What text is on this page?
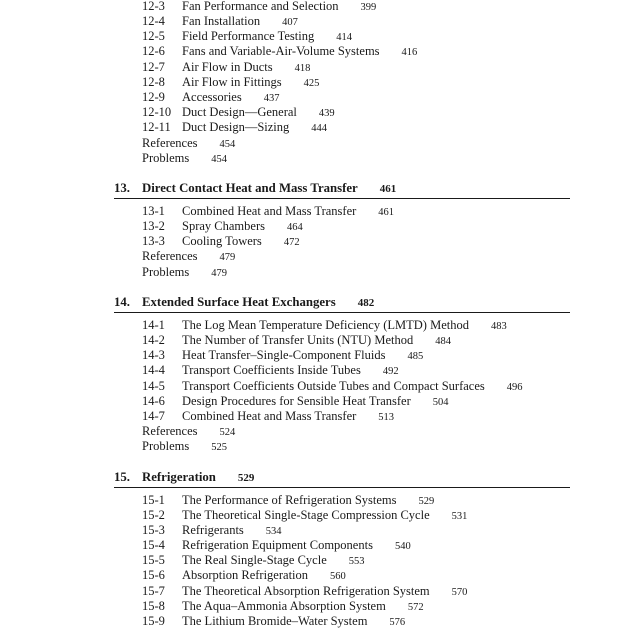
12-3 Fan Performance and Selection 399
12-4 Fan Installation 407
12-5 Field Performance Testing 414
12-6 Fans and Variable-Air-Volume Systems 416
12-7 Air Flow in Ducts 418
12-8 Air Flow in Fittings 425
12-9 Accessories 437
12-10 Duct Design—General 439
12-11 Duct Design—Sizing 444
References 454
Problems 454
13. Direct Contact Heat and Mass Transfer 461
13-1 Combined Heat and Mass Transfer 461
13-2 Spray Chambers 464
13-3 Cooling Towers 472
References 479
Problems 479
14. Extended Surface Heat Exchangers 482
14-1 The Log Mean Temperature Deficiency (LMTD) Method 483
14-2 The Number of Transfer Units (NTU) Method 484
14-3 Heat Transfer–Single-Component Fluids 485
14-4 Transport Coefficients Inside Tubes 492
14-5 Transport Coefficients Outside Tubes and Compact Surfaces 496
14-6 Design Procedures for Sensible Heat Transfer 504
14-7 Combined Heat and Mass Transfer 513
References 524
Problems 525
15. Refrigeration 529
15-1 The Performance of Refrigeration Systems 529
15-2 The Theoretical Single-Stage Compression Cycle 531
15-3 Refrigerants 534
15-4 Refrigeration Equipment Components 540
15-5 The Real Single-Stage Cycle 553
15-6 Absorption Refrigeration 560
15-7 The Theoretical Absorption Refrigeration System 570
15-8 The Aqua–Ammonia Absorption System 572
15-9 The Lithium Bromide–Water System 576
